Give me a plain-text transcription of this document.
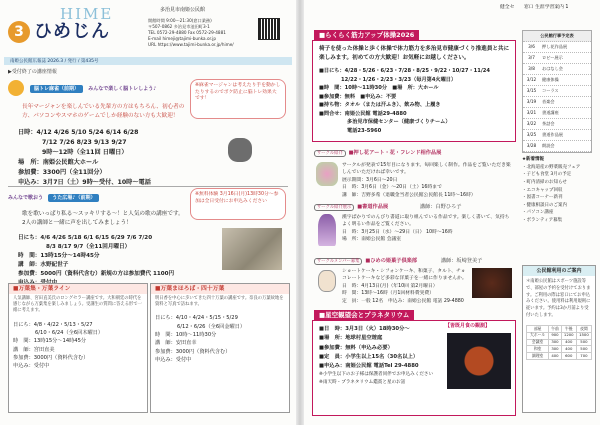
3
HIME
ひめじん
多治見市南姫公民館
開館時間 9:00〜21:30(窓口業務)
〒507-0862 多治見市池田町3-1
TEL 0572-29-4880 Fax 0572-29-4881
E-mail himeji@tajimi-bunka.or.jp
URL https://www.tajimi-bunka.or.jp/hime/
南姫公民館広報誌 2026.3 / 発行 / 第435号
▶受付終了の講座情報
脳トレ麻雀（前期） みんなで楽しく脳トレしよう♪
※麻雀マージャンは考えたり手を動かしたりするのでボケ防止に脳トレ効果大です！
長年マージャンを楽しんでいる先輩方の方はもちろん、初心者の方、パソコンやスマホのゲームでしか経験のない方も大歓迎！
日時：4/12 4/26 5/10 5/24 6/14 6/28
7/12 7/26 8/23 9/13 9/27
9時～12時（全11回 日曜日）
場　所：南姫公民館大ホール
参加費：3300円（全11回分）
申込み：3月7日（土）9時〜受付、10時〜電話
みんなで歌おう うた広場♪（前期）
※無料体験 3月16日(月)13時30分〜参加は全日受付にお申込みください
歌を歌いっぱり私る～スッキリする～！と人気の歌の講座です。2人の講師と一緒に声を出してみましょう！
日にち：4/6 4/26 5/18 6/1 6/15 6/29 7/6 7/20
8/3 8/17 9/7（全11回月曜日）
時　間：13時15分～14時45分
講　師：水野紀世子
参加費：5000円（資料代含む）新規の方は参加費代 1100円
■万葉集・万葉ライン
人気講師、宮田直美氏のロングセラー講座です。大和朝廷の時代を感じながら万葉集を楽しみましょう。受講生の質問に答える形で一緒に考えます。
日にち：4/8・4/22・5/13・5/27
6/10・6/24（全6回木曜日）
時　間：13時15分～14時45分
講　師：宮田直美
参加費：3000円（資料代含む）
申込み：受付中
■万葉まほろば・四十万葉
明日香を中心に歩いてきた四十万葉の講座です。奈良の万葉故地を資料と写真で訪ねます。
日にち：4/10・4/24・5/15・5/29
6/12・6/26（全6回金曜日）
時　間：10時～11時30分
講　師：安田直幸
参加費：3000円（資料代含む）
申込み：受付中
健全セ 窓口 生涯学習案内 1
■らくらく筋力アップ体操2026
椅子を使った体操と歩く体操で体力筋力を多治見市健康づくり推進員と共に楽しみます。初めての方大歓迎！お気軽にお越しください。
■日にち：4/28・5/26・6/23・7/28・8/25・9/22・10/27・11/24
12/22・1/26・2/23・3/23（毎月第4火曜日）
■時　間：10時～11時30分　■場　所：大ホール
■参加費：無料　■申込み：不要
■持ち物：タオル（または汗ふき）、飲み物、上履き
■問合せ：南姫公民館 電話29-4880
多治見市保健センター（健康づくりチーム）
電話23-5960
サークル紹介 ■押し花アート・花・フレンド相作品展
サークルが発表で15年目になります。毎回楽しく制作。作品をご覧いただき楽しんでいただければ幸いです。
展示期間：3月6日〜20日
日　時：3月6日（金）〜20日（土）16時まで
講　師：吉野多希（退職金当者公民館公民館長 11時〜16時）
サークル紹介展示 ■書道作品展	講師：白野ひろ子
漢字ばかりでのんびり書道に取り組んでいる作品です。楽しく書いて、気持ちよく明るい作品をご覧ください。
日　時：3月25日（水）〜29日（日） 10時〜16時
場　所：南姫公民館 会議室
サークルメンバー募集 ■ひめの姫菓子倶楽部	講師：坂崎登美子
ショートケーキ・シフォンケーキ、和菓子、タルト、チョコレートケーキなど多彩な洋菓子を一緒に作りませんか。
日　時：4月13日(月)（年10回 第2月曜日）
時　間：13時〜16時（月1回材料費実費）
定　員：一般 12名　申込み：南姫公民館 電話 29-4880
■星空観望会とプラネタリウム
■日　時：3月3日（火）18時30分〜
■場　所：地球村星空遊庭
■参加費：無料（申込み必要）
■定　員：小学生以上15名（30名以上）
■申込み：南姫公民館 電話Tel 29-4880
※小学生以下のお子様は保護者同伴でお申込みください
※雨天時・プラネタリウム鑑賞と星のお話
【皆既月食の観測】
公民館行事予定表
3/6	押し花作品展
3/7	ロビー展示
3/8	おはなし会
3/12	健康体操
3/15	コーラス
3/19	音楽会
3/21	書道講座
3/22	茶話会
3/25	書道作品展
3/28	朗読会
★新着情報
・北海道産の野菜販売フェア
・子ども食堂 3月の予定
・町内清掃のお知らせ
・エコキャップ回収
・図書コーナー新刊
・健康相談日のご案内
・パソコン講座
・ボランティア募集
公民館利用のご案内
＊南姫公民館はスポーツ施設等で、部屋の予約を受付けております。ご利用の際は窓口にてお申込みください。使用料は利用規則に従います。予約は3か月前より受付いたします。
部屋	午前	午後	夜間
大ホール	900	1200	1500
会議室	300	400	500
和室	300	400	500
調理室	400	600	700
